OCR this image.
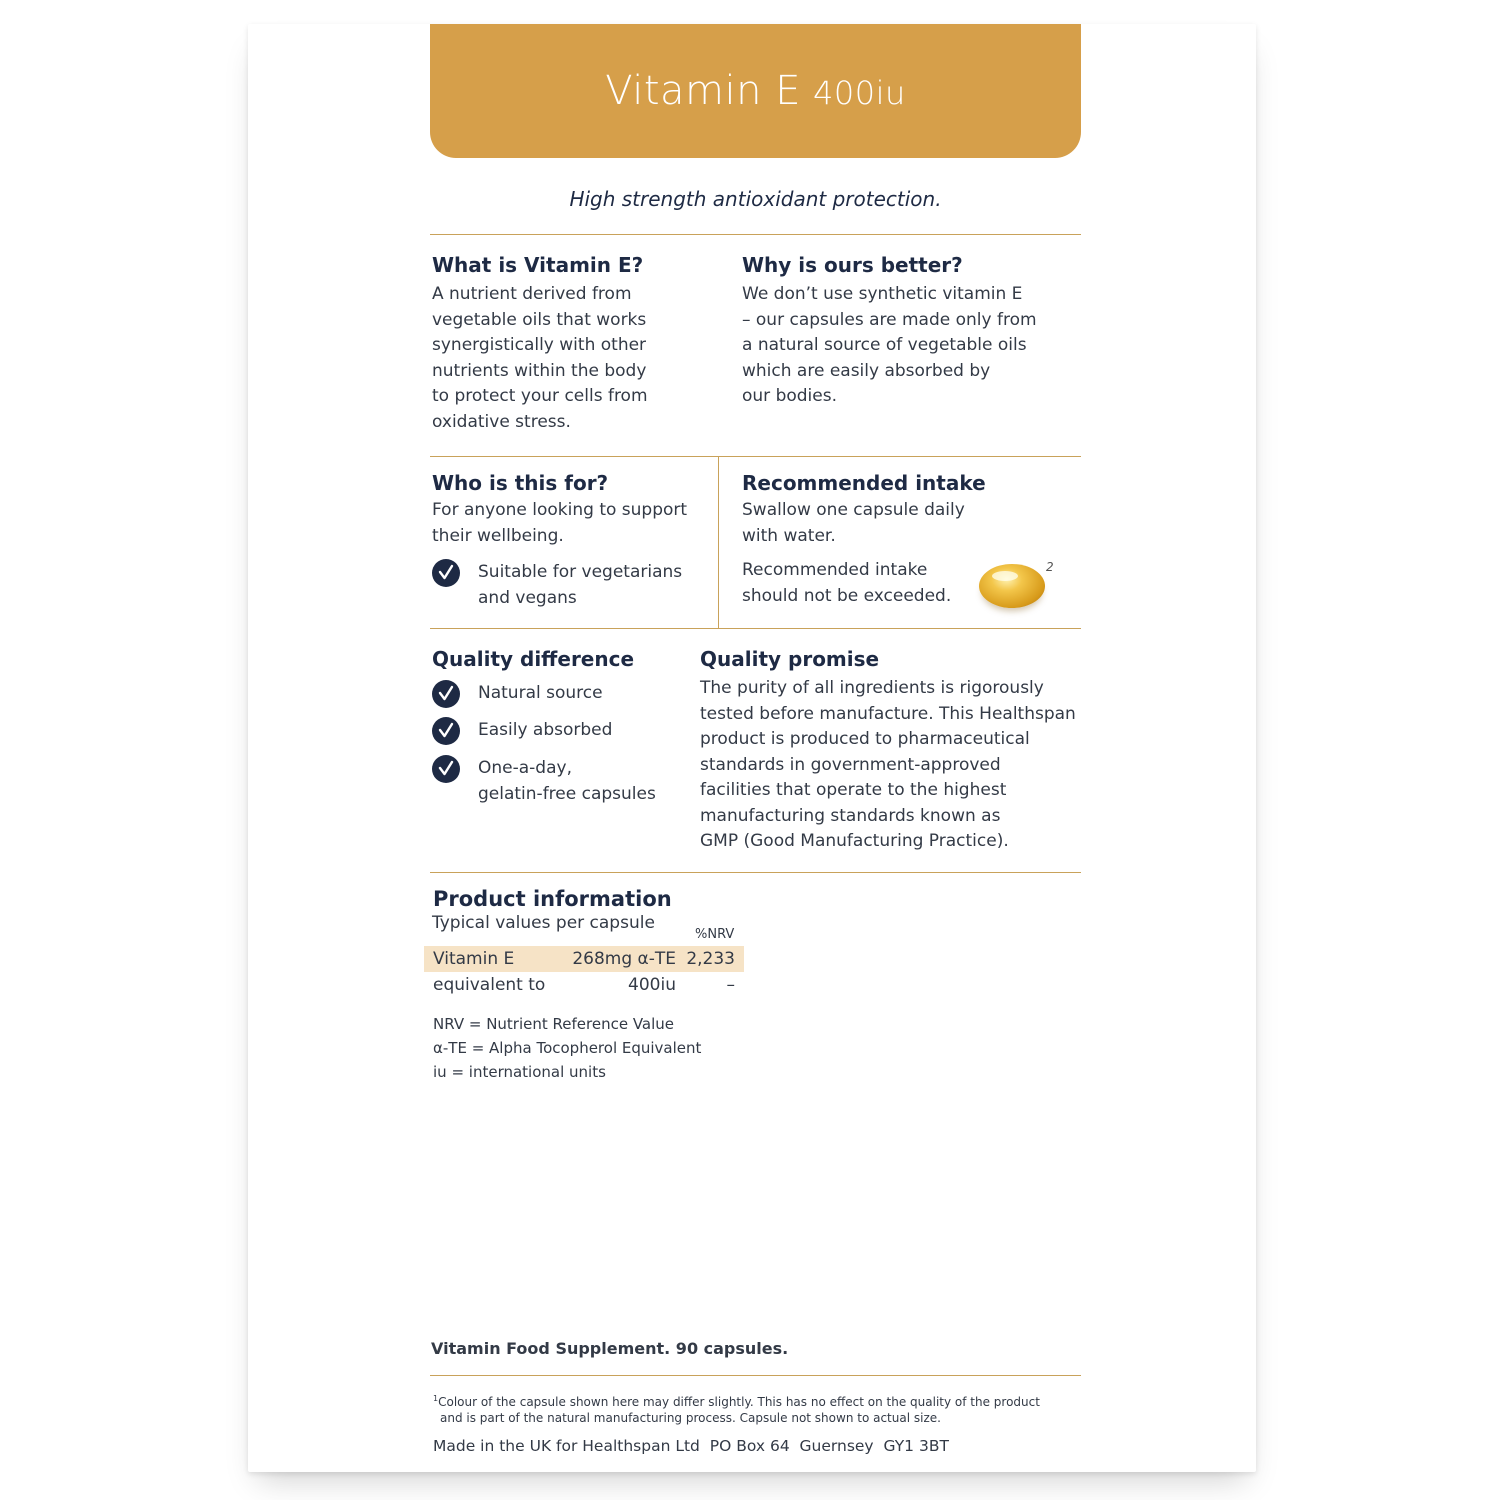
Vitamin E 400iu
High strength antioxidant protection.
What is Vitamin E?
A nutrient derived from
vegetable oils that works
synergistically with other
nutrients within the body
to protect your cells from
oxidative stress.
Why is ours better?
We don’t use synthetic vitamin E
– our capsules are made only from
a natural source of vegetable oils
which are easily absorbed by
our bodies.
Who is this for?
For anyone looking to support
their wellbeing.
Suitable for vegetarians
and vegans
Recommended intake
Swallow one capsule daily
with water.
Recommended intake
should not be exceeded.
2
Quality difference
Natural source
Easily absorbed
One-a-day,
gelatin-free capsules
Quality promise
The purity of all ingredients is rigorously
tested before manufacture. This Healthspan
product is produced to pharmaceutical
standards in government-approved
facilities that operate to the highest
manufacturing standards known as
GMP (Good Manufacturing Practice).
Product information
Typical values per capsule
%NRV
Vitamin E	268mg α-TE 2,233
equivalent to	400iu	–
NRV = Nutrient Reference Value
α-TE = Alpha Tocopherol Equivalent
iu = international units
Vitamin Food Supplement. 90 capsules.
$^1$Colour of the capsule shown here may differ slightly. This has no effect on the quality of the product
and is part of the natural manufacturing process. Capsule not shown to actual size.
Made in the UK for Healthspan Ltd  PO Box 64  Guernsey  GY1 3BT
